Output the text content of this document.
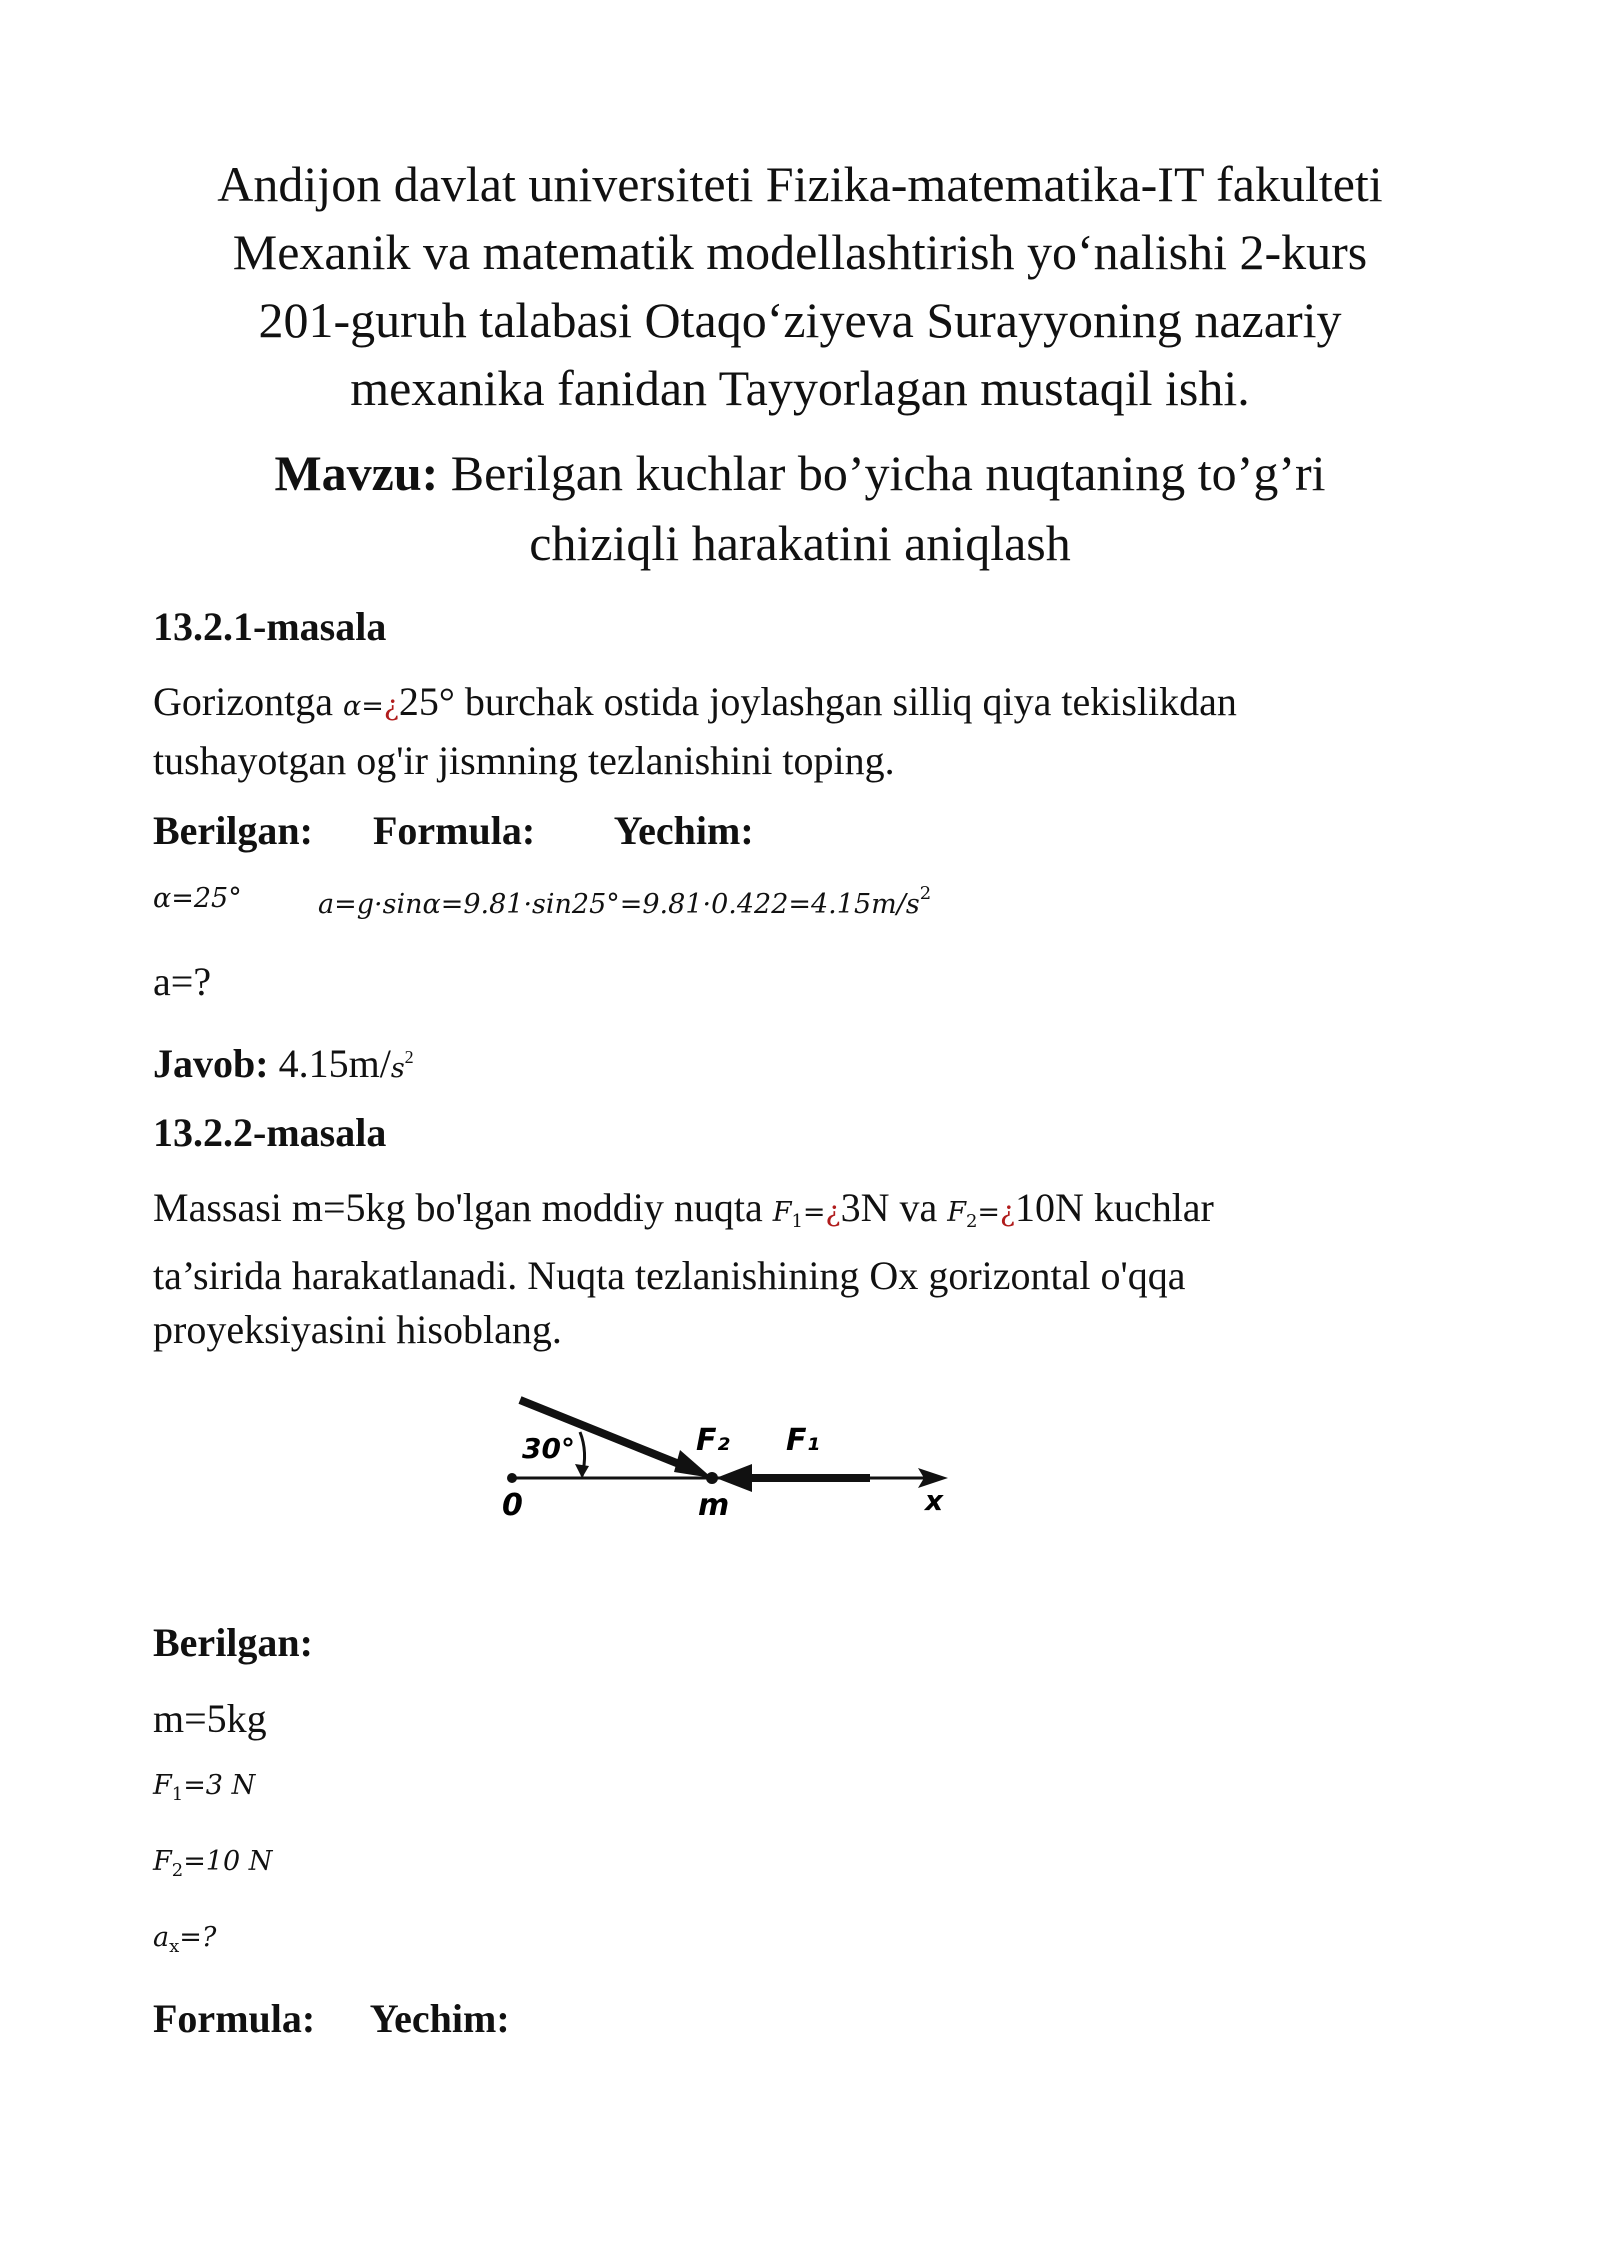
Andijon davlat universiteti Fizika-matematika-IT fakulteti
Mexanik va matematik modellashtirish yo‘nalishi 2-kurs
201-guruh talabasi Otaqo‘ziyeva Surayyoning nazariy
mexanika fanidan Tayyorlagan mustaqil ishi.
Mavzu: Berilgan kuchlar bo’yicha nuqtaning to’g’ri
chiziqli harakatini aniqlash
13.2.1-masala
Gorizontga α=¿25° burchak ostida joylashgan silliq qiya tekislikdan
tushayotgan og'ir jismning tezlanishini toping.
Berilgan: Formula: Yechim:
α=25°	$a=g\cdot\sin\alpha=9.81\cdot\sin 25^\circ=9.81\cdot 0.422=4.15m/s^2$
a=?
Javob: $4.15m/s^2$
13.2.2-masala
Massasi m=5kg bo'lgan moddiy nuqta $F_1=¿3N$ va $F_2=¿10N$ kuchlar
ta’sirida harakatlanadi. Nuqta tezlanishining Ox gorizontal o'qqa
proyeksiyasini hisoblang.
30°	F₂ F₁
0	m	x
Berilgan:
m=5kg
$F_1=3$ N
$F_2=10$ N
$a_x=$?
Formula: Yechim:
